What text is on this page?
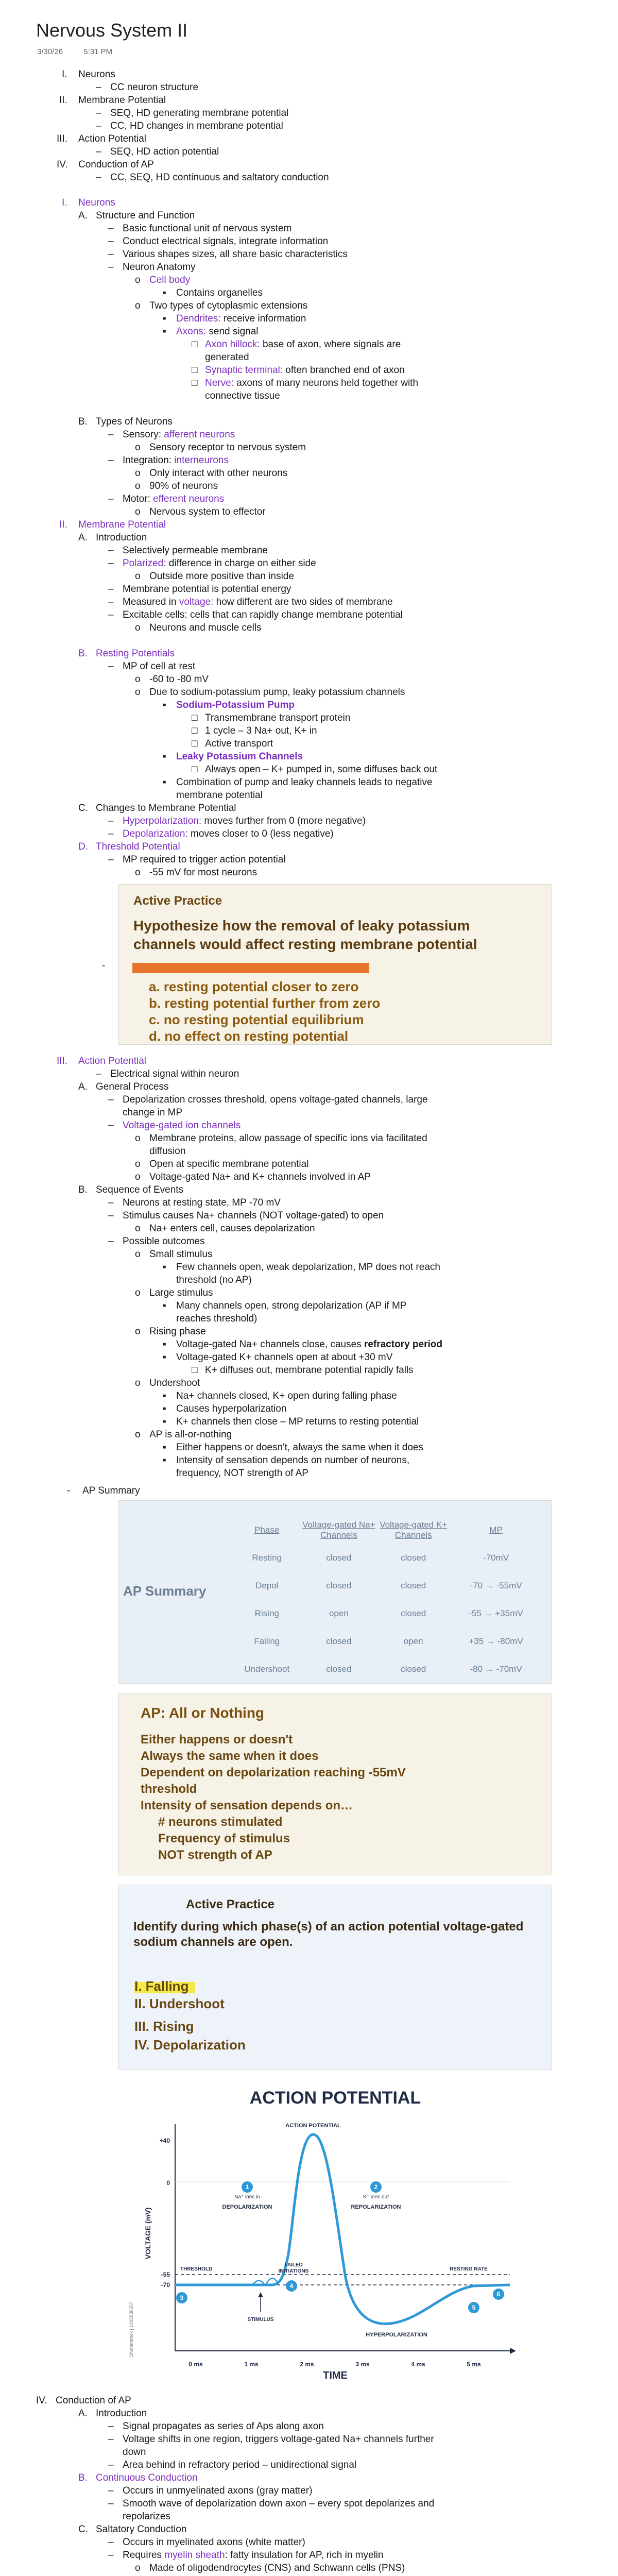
Nervous System II
3/30/26	5:31 PM
I. Neurons
– CC neuron structure
II. Membrane Potential
– SEQ, HD generating membrane potential
– CC, HD changes in membrane potential
III. Action Potential
– SEQ, HD action potential
IV. Conduction of AP
– CC, SEQ, HD continuous and saltatory conduction
I. Neurons
A. Structure and Function
– Basic functional unit of nervous system
– Conduct electrical signals, integrate information
– Various shapes sizes, all share basic characteristics
– Neuron Anatomy
o Cell body
▪ Contains organelles
o Two types of cytoplasmic extensions
▪ Dendrites: receive information
▪ Axons: send signal
□ Axon hillock: base of axon, where signals are
generated
□ Synaptic terminal: often branched end of axon
□ Nerve: axons of many neurons held together with
connective tissue
B. Types of Neurons
– Sensory: afferent neurons
o Sensory receptor to nervous system
– Integration: interneurons
o Only interact with other neurons
o 90% of neurons
– Motor: efferent neurons
o Nervous system to effector
II. Membrane Potential
A. Introduction
– Selectively permeable membrane
– Polarized: difference in charge on either side
o Outside more positive than inside
– Membrane potential is potential energy
– Measured in voltage: how different are two sides of membrane
– Excitable cells: cells that can rapidly change membrane potential
o Neurons and muscle cells
B. Resting Potentials
– MP of cell at rest
o -60 to -80 mV
o Due to sodium-potassium pump, leaky potassium channels
▪ Sodium-Potassium Pump
□ Transmembrane transport protein
□ 1 cycle – 3 Na+ out, K+ in
□ Active transport
▪ Leaky Potassium Channels
□ Always open – K+ pumped in, some diffuses back out
▪ Combination of pump and leaky channels leads to negative
membrane potential
C. Changes to Membrane Potential
– Hyperpolarization: moves further from 0 (more negative)
– Depolarization: moves closer to 0 (less negative)
D. Threshold Potential
– MP required to trigger action potential
o -55 mV for most neurons
-
Active Practice
Hypothesize how the removal of leaky potassium channels would affect resting membrane potential
a. resting potential closer to zero
b. resting potential further from zero
c. no resting potential equilibrium
d. no effect on resting potential
III. Action Potential
– Electrical signal within neuron
A. General Process
– Depolarization crosses threshold, opens voltage-gated channels, large
change in MP
– Voltage-gated ion channels
o Membrane proteins, allow passage of specific ions via facilitated
diffusion
o Open at specific membrane potential
o Voltage-gated Na+ and K+ channels involved in AP
B. Sequence of Events
– Neurons at resting state, MP -70 mV
– Stimulus causes Na+ channels (NOT voltage-gated) to open
o Na+ enters cell, causes depolarization
– Possible outcomes
o Small stimulus
▪ Few channels open, weak depolarization, MP does not reach
threshold (no AP)
o Large stimulus
▪ Many channels open, strong depolarization (AP if MP
reaches threshold)
o Rising phase
▪ Voltage-gated Na+ channels close, causes refractory period
▪ Voltage-gated K+ channels open at about +30 mV
□ K+ diffuses out, membrane potential rapidly falls
o Undershoot
▪ Na+ channels closed, K+ open during falling phase
▪ Causes hyperpolarization
▪ K+ channels then close – MP returns to resting potential
o AP is all-or-nothing
▪ Either happens or doesn't, always the same when it does
▪ Intensity of sensation depends on number of neurons,
frequency, NOT strength of AP
- AP Summary
AP Summary
Phase	Voltage-gated Na+ Channels	Voltage-gated K+ Channels	MP
Resting	closed	closed	-70mV
Depol	closed	closed	-70 → -55mV
Rising	open	closed	-55 → +35mV
Falling	closed	open	+35 → -80mV
Undershoot	closed	closed	-80 → -70mV
AP: All or Nothing
Either happens or doesn't
Always the same when it does
Dependent on depolarization reaching -55mV
threshold
Intensity of sensation depends on…
# neurons stimulated
Frequency of stimulus
NOT strength of AP
Active Practice
Identify during which phase(s) of an action potential voltage-gated sodium channels are open.
I. Falling
II. Undershoot
III. Rising
IV. Depolarization
ACTION POTENTIAL
VOLTAGE (mV)
TIME
Shutterstock | 1405536557
+40
0
-55
-70
0 ms	1 ms	2 ms	3 ms	4 ms	5 ms
ACTION POTENTIAL
Na⁺ ions in
DEPOLARIZATION
K⁺ ions out
REPOLARIZATION
THRESHOLD
FAILED
INITIATIONS	RESTING RATE
STIMULUS
HYPERPOLARIZATION
1	2
3
4
5
6
IV. Conduction of AP
A. Introduction
– Signal propagates as series of Aps along axon
– Voltage shifts in one region, triggers voltage-gated Na+ channels further
down
– Area behind in refractory period – unidirectional signal
B. Continuous Conduction
– Occurs in unmyelinated axons (gray matter)
– Smooth wave of depolarization down axon – every spot depolarizes and
repolarizes
C. Saltatory Conduction
– Occurs in myelinated axons (white matter)
– Requires myelin sheath: fatty insulation for AP, rich in myelin
o Made of oligodendrocytes (CNS) and Schwann cells (PNS)
